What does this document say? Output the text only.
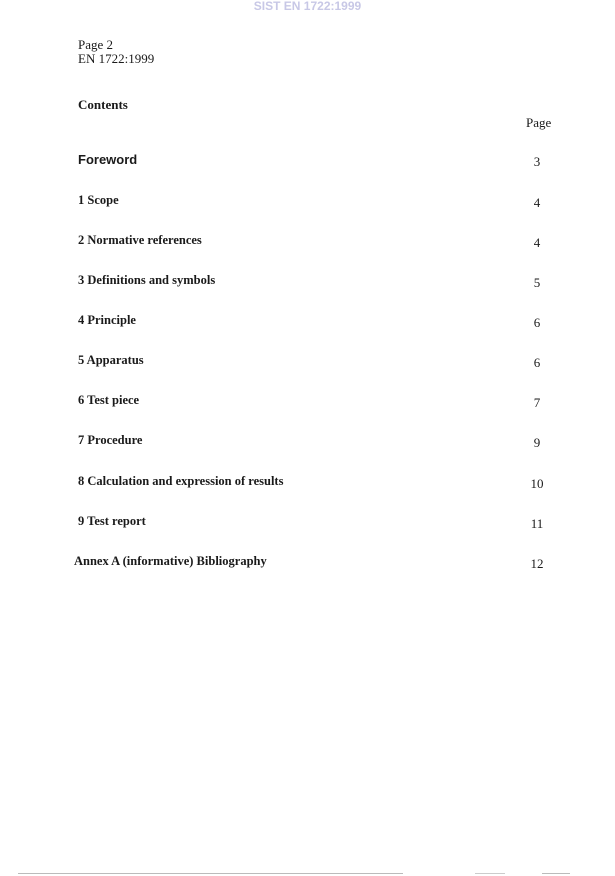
SIST EN 1722:1999
Page 2
EN 1722:1999
Contents
Page
Foreword	3
1 Scope	4
2 Normative references	4
3 Definitions and symbols	5
4 Principle	6
5 Apparatus	6
6 Test piece	7
7 Procedure	9
8 Calculation and expression of results	10
9 Test report	11
Annex A (informative) Bibliography	12
